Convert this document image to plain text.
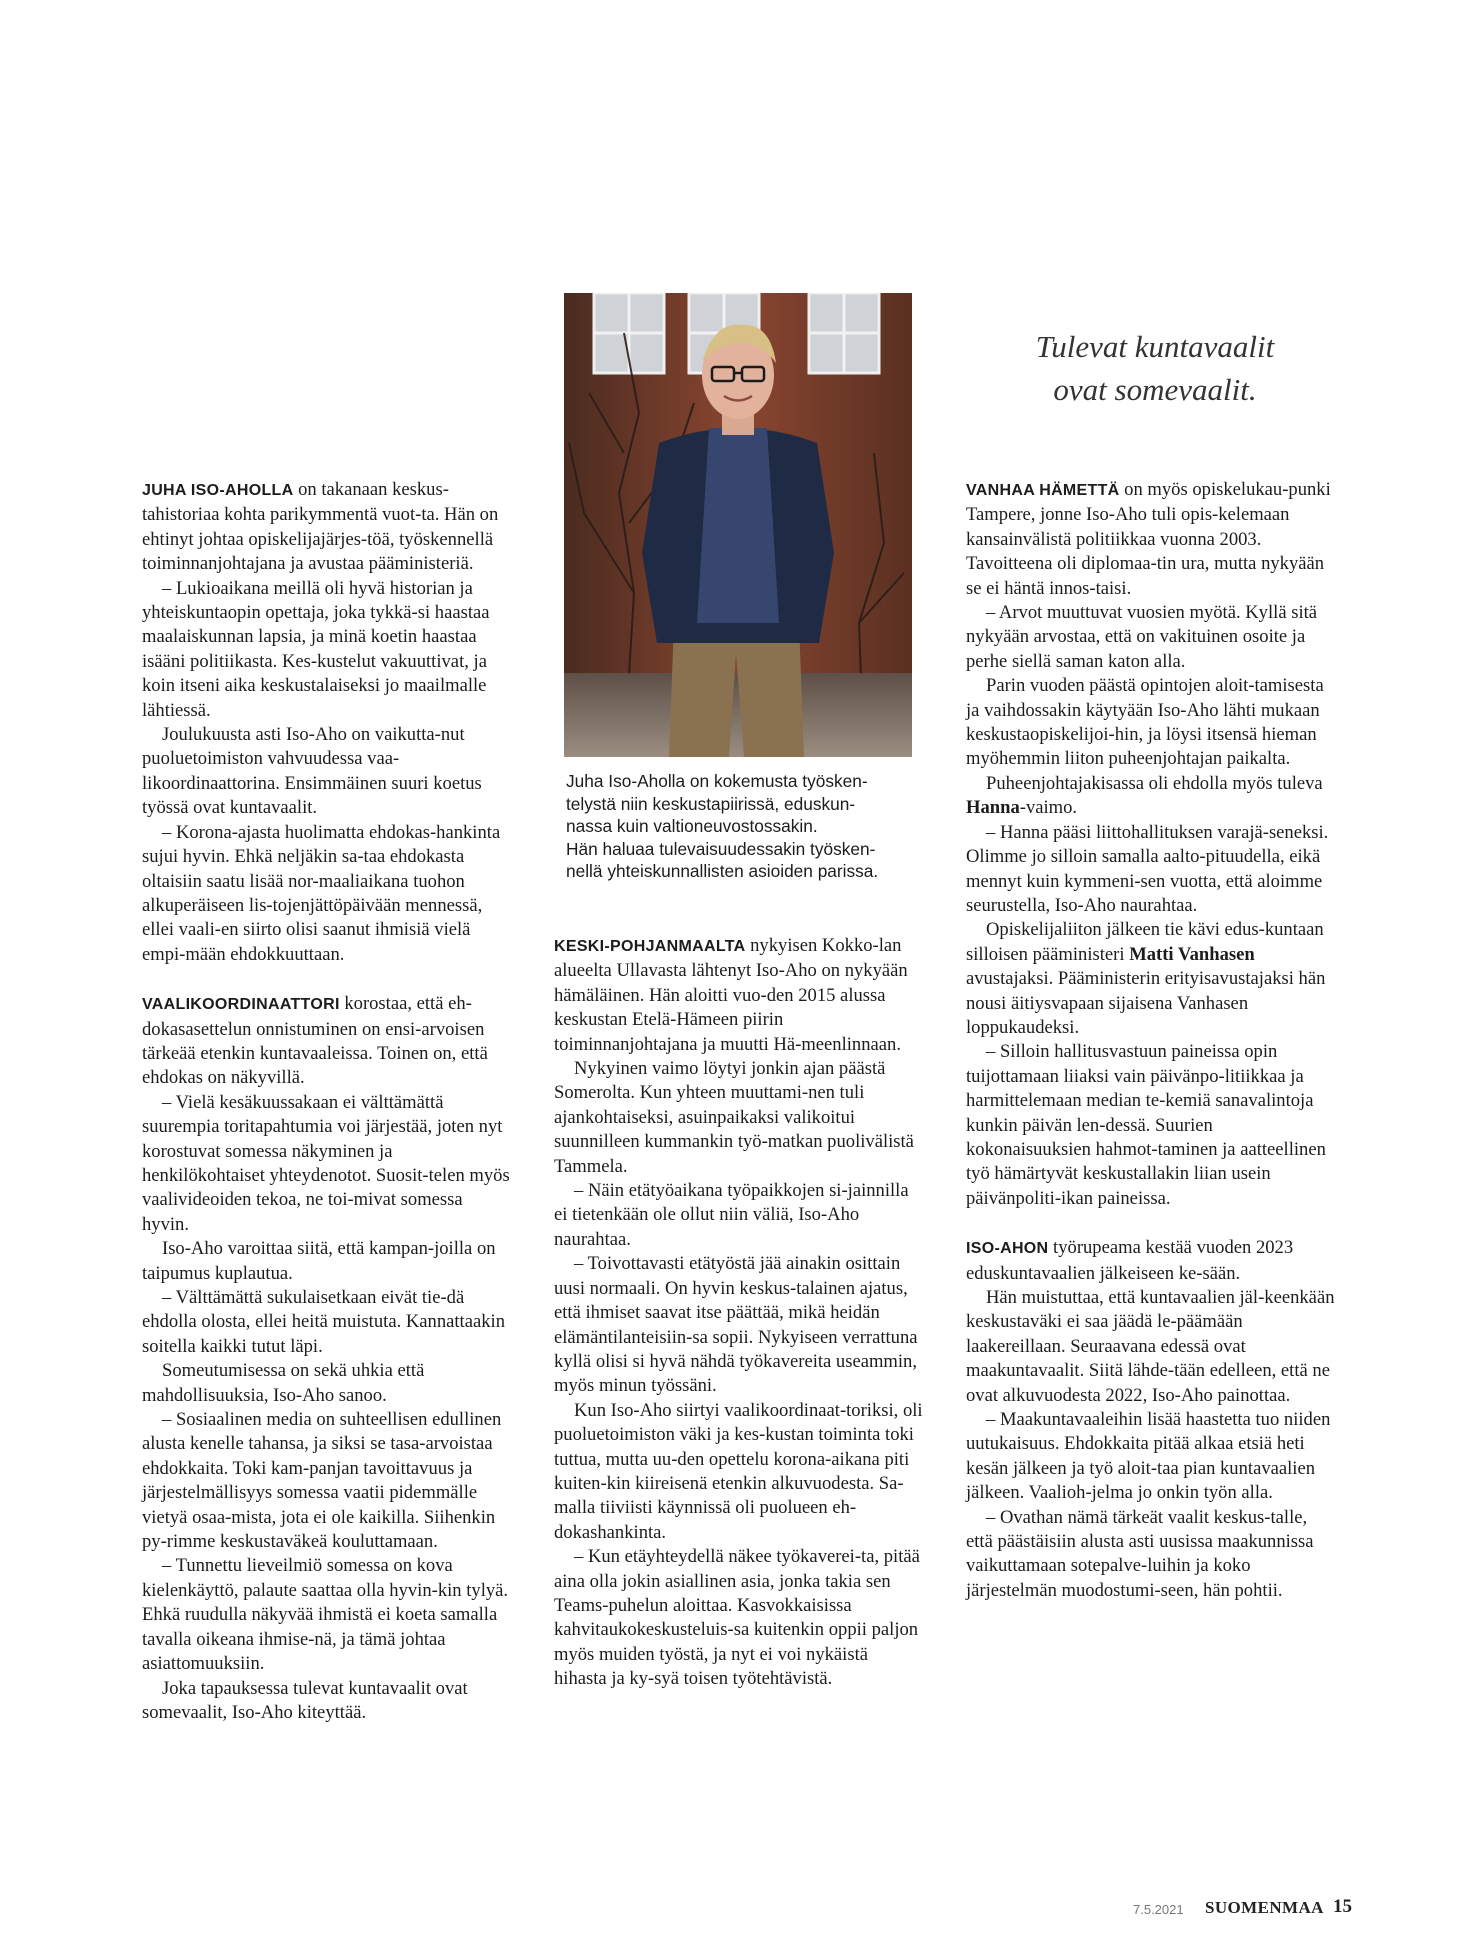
Juha Iso-Aholla on kokemusta työsken-
telystä niin keskustapiirissä, eduskun-
nassa kuin valtioneuvostossakin.
Hän haluaa tulevaisuudessakin työsken-
nellä yhteiskunnallisten asioiden parissa.
Tulevat kuntavaalit
ovat somevaalit.

JUHA ISO-AHOLLA on takanaan keskus-tahistoriaa kohta parikymmentä vuot-ta. Hän on ehtinyt johtaa opiskelijajärjes-töä, työskennellä toiminnanjohtajana ja avustaa pääministeriä.

– Lukioaikana meillä oli hyvä historian ja yhteiskuntaopin opettaja, joka tykkä-si haastaa maalaiskunnan lapsia, ja minä koetin haastaa isääni politiikasta. Kes-kustelut vakuuttivat, ja koin itseni aika keskustalaiseksi jo maailmalle lähtiessä.

Joulukuusta asti Iso-Aho on vaikutta-nut puoluetoimiston vahvuudessa vaa-likoordinaattorina. Ensimmäinen suuri koetus työssä ovat kuntavaalit.

– Korona-ajasta huolimatta ehdokas-hankinta sujui hyvin. Ehkä neljäkin sa-taa ehdokasta oltaisiin saatu lisää nor-maaliaikana tuohon alkuperäiseen lis-tojenjättöpäivään mennessä, ellei vaali-en siirto olisi saanut ihmisiä vielä empi-mään ehdokkuuttaan.

VAALIKOORDINAATTORI korostaa, että eh-dokasasettelun onnistuminen on ensi-arvoisen tärkeää etenkin kuntavaaleissa. Toinen on, että ehdokas on näkyvillä.

– Vielä kesäkuussakaan ei välttämättä suurempia toritapahtumia voi järjestää, joten nyt korostuvat somessa näkyminen ja henkilökohtaiset yhteydenotot. Suosit-telen myös vaalivideoiden tekoa, ne toi-mivat somessa hyvin.

Iso-Aho varoittaa siitä, että kampan-joilla on taipumus kuplautua.

– Välttämättä sukulaisetkaan eivät tie-dä ehdolla olosta, ellei heitä muistuta. Kannattaakin soitella kaikki tutut läpi.

Someutumisessa on sekä uhkia että mahdollisuuksia, Iso-Aho sanoo.

– Sosiaalinen media on suhteellisen edullinen alusta kenelle tahansa, ja siksi se tasa-arvoistaa ehdokkaita. Toki kam-panjan tavoittavuus ja järjestelmällisyys somessa vaatii pidemmälle vietyä osaa-mista, jota ei ole kaikilla. Siihenkin py-rimme keskustaväkeä kouluttamaan.

– Tunnettu lieveilmiö somessa on kova kielenkäyttö, palaute saattaa olla hyvin-kin tylyä. Ehkä ruudulla näkyvää ihmistä ei koeta samalla tavalla oikeana ihmise-nä, ja tämä johtaa asiattomuuksiin.

Joka tapauksessa tulevat kuntavaalit ovat somevaalit, Iso-Aho kiteyttää.

KESKI-POHJANMAALTA nykyisen Kokko-lan alueelta Ullavasta lähtenyt Iso-Aho on nykyään hämäläinen. Hän aloitti vuo-den 2015 alussa keskustan Etelä-Hämeen piirin toiminnanjohtajana ja muutti Hä-meenlinnaan.

Nykyinen vaimo löytyi jonkin ajan päästä Somerolta. Kun yhteen muuttami-nen tuli ajankohtaiseksi, asuinpaikaksi valikoitui suunnilleen kummankin työ-matkan puolivälistä Tammela.

– Näin etätyöaikana työpaikkojen si-jainnilla ei tietenkään ole ollut niin väliä, Iso-Aho naurahtaa.

– Toivottavasti etätyöstä jää ainakin osittain uusi normaali. On hyvin keskus-talainen ajatus, että ihmiset saavat itse päättää, mikä heidän elämäntilanteisiin-sa sopii. Nykyiseen verrattuna kyllä olisi si hyvä nähdä työkavereita useammin, myös minun työssäni.

Kun Iso-Aho siirtyi vaalikoordinaat-toriksi, oli puoluetoimiston väki ja kes-kustan toiminta toki tuttua, mutta uu-den opettelu korona-aikana piti kuiten-kin kiireisenä etenkin alkuvuodesta. Sa-malla tiiviisti käynnissä oli puolueen eh-dokashankinta.

– Kun etäyhteydellä näkee työkaverei-ta, pitää aina olla jokin asiallinen asia, jonka takia sen Teams-puhelun aloittaa. Kasvokkaisissa kahvitaukokeskusteluis-sa kuitenkin oppii paljon myös muiden työstä, ja nyt ei voi nykäistä hihasta ja ky-syä toisen työtehtävistä.

VANHAA HÄMETTÄ on myös opiskelukau-punki Tampere, jonne Iso-Aho tuli opis-kelemaan kansainvälistä politiikkaa vuonna 2003. Tavoitteena oli diplomaa-tin ura, mutta nykyään se ei häntä innos-taisi.

– Arvot muuttuvat vuosien myötä. Kyllä sitä nykyään arvostaa, että on vakituinen osoite ja perhe siellä saman katon alla.

Parin vuoden päästä opintojen aloit-tamisesta ja vaihdossakin käytyään Iso-Aho lähti mukaan keskustaopiskelijoi-hin, ja löysi itsensä hieman myöhemmin liiton puheenjohtajan paikalta.

Puheenjohtajakisassa oli ehdolla myös tuleva Hanna-vaimo.

– Hanna pääsi liittohallituksen varajä-seneksi. Olimme jo silloin samalla aalto-pituudella, eikä mennyt kuin kymmeni-sen vuotta, että aloimme seurustella, Iso-Aho naurahtaa.

Opiskelijaliiton jälkeen tie kävi edus-kuntaan silloisen pääministeri Matti Vanhasen avustajaksi. Pääministerin erityisavustajaksi hän nousi äitiysvapaan sijaisena Vanhasen loppukaudeksi.

– Silloin hallitusvastuun paineissa opin tuijottamaan liiaksi vain päivänpo-litiikkaa ja harmittelemaan median te-kemiä sanavalintoja kunkin päivän len-dessä. Suurien kokonaisuuksien hahmot-taminen ja aatteellinen työ hämärtyvät keskustallakin liian usein päivänpoliti-ikan paineissa.

ISO-AHON työrupeama kestää vuoden 2023 eduskuntavaalien jälkeiseen ke-sään.

Hän muistuttaa, että kuntavaalien jäl-keenkään keskustaväki ei saa jäädä le-päämään laakereillaan. Seuraavana edessä ovat maakuntavaalit. Siitä lähde-tään edelleen, että ne ovat alkuvuodesta 2022, Iso-Aho painottaa.

– Maakuntavaaleihin lisää haastetta tuo niiden uutukaisuus. Ehdokkaita pitää alkaa etsiä heti kesän jälkeen ja työ aloit-taa pian kuntavaalien jälkeen. Vaalioh-jelma jo onkin työn alla.

– Ovathan nämä tärkeät vaalit keskus-talle, että päästäisiin alusta asti uusissa maakunnissa vaikuttamaan sotepalve-luihin ja koko järjestelmän muodostumi-seen, hän pohtii.

7.5.2021 SUOMENMAA 15
